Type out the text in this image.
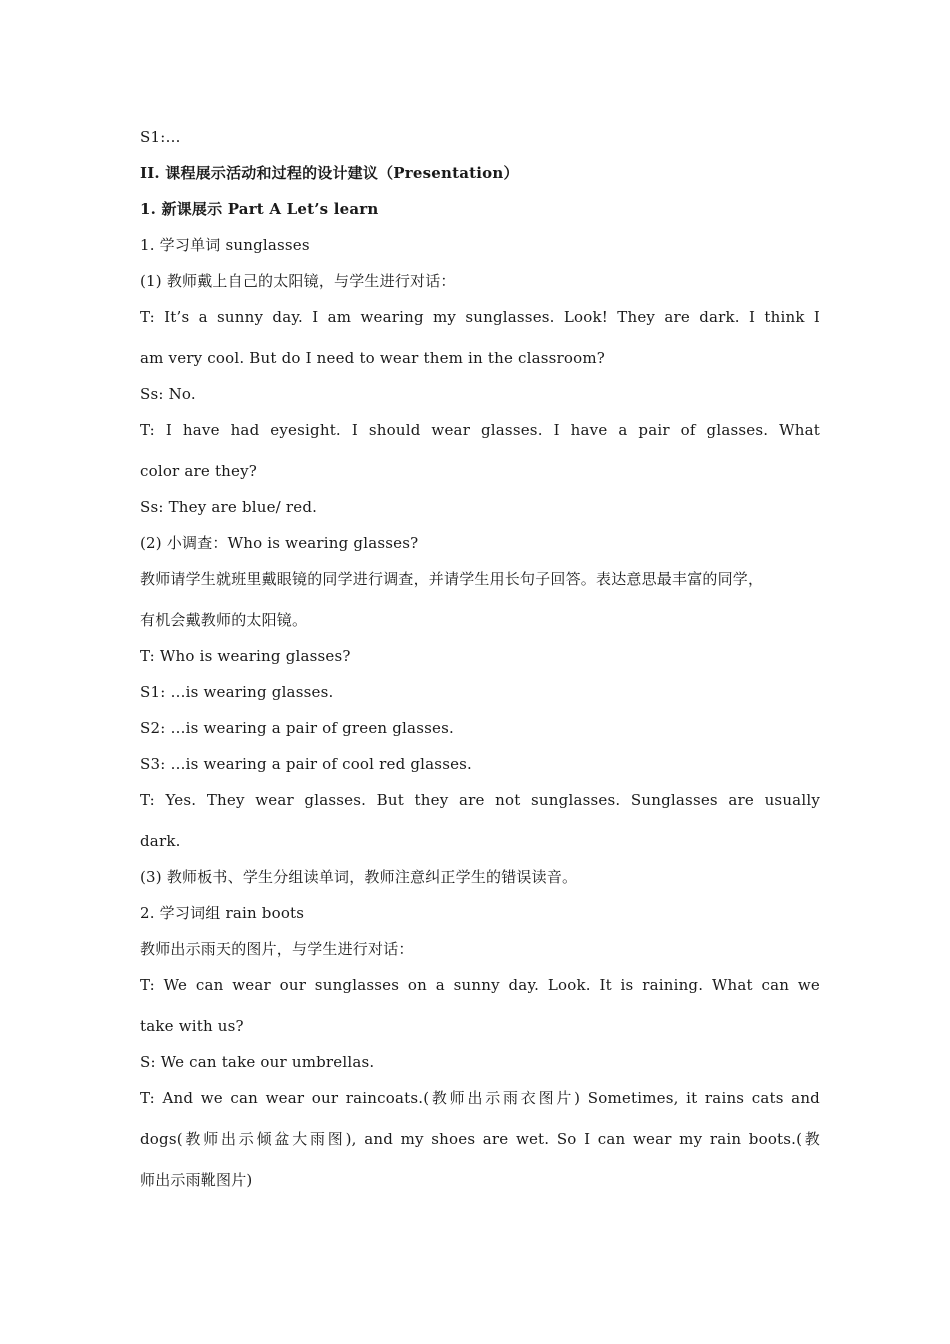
S1:…
II. 课程展示活动和过程的设计建议（Presentation）
1. 新课展示 Part A Let’s learn
1. 学习单词 sunglasses
(1) 教师戴上自己的太阳镜，与学生进行对话：
T: It’s a sunny day. I am wearing my sunglasses. Look! They are dark. I think I
am very cool. But do I need to wear them in the classroom?
Ss: No.
T: I have had eyesight. I should wear glasses. I have a pair of glasses. What
color are they?
Ss: They are blue/ red.
(2) 小调查：Who is wearing glasses?
教师请学生就班里戴眼镜的同学进行调查，并请学生用长句子回答。表达意思最丰富的同学，
有机会戴教师的太阳镜。
T: Who is wearing glasses?
S1: …is wearing glasses.
S2: …is wearing a pair of green glasses.
S3: …is wearing a pair of cool red glasses.
T: Yes. They wear glasses. But they are not sunglasses. Sunglasses are usually
dark.
(3) 教师板书、学生分组读单词，教师注意纠正学生的错误读音。
2. 学习词组 rain boots
教师出示雨天的图片，与学生进行对话：
T: We can wear our sunglasses on a sunny day. Look. It is raining. What can we
take with us?
S: We can take our umbrellas.
T: And we can wear our raincoats.(教师出示雨衣图片) Sometimes, it rains cats and
dogs(教师出示倾盆大雨图), and my shoes are wet. So I can wear my rain boots.(教
师出示雨靴图片)
